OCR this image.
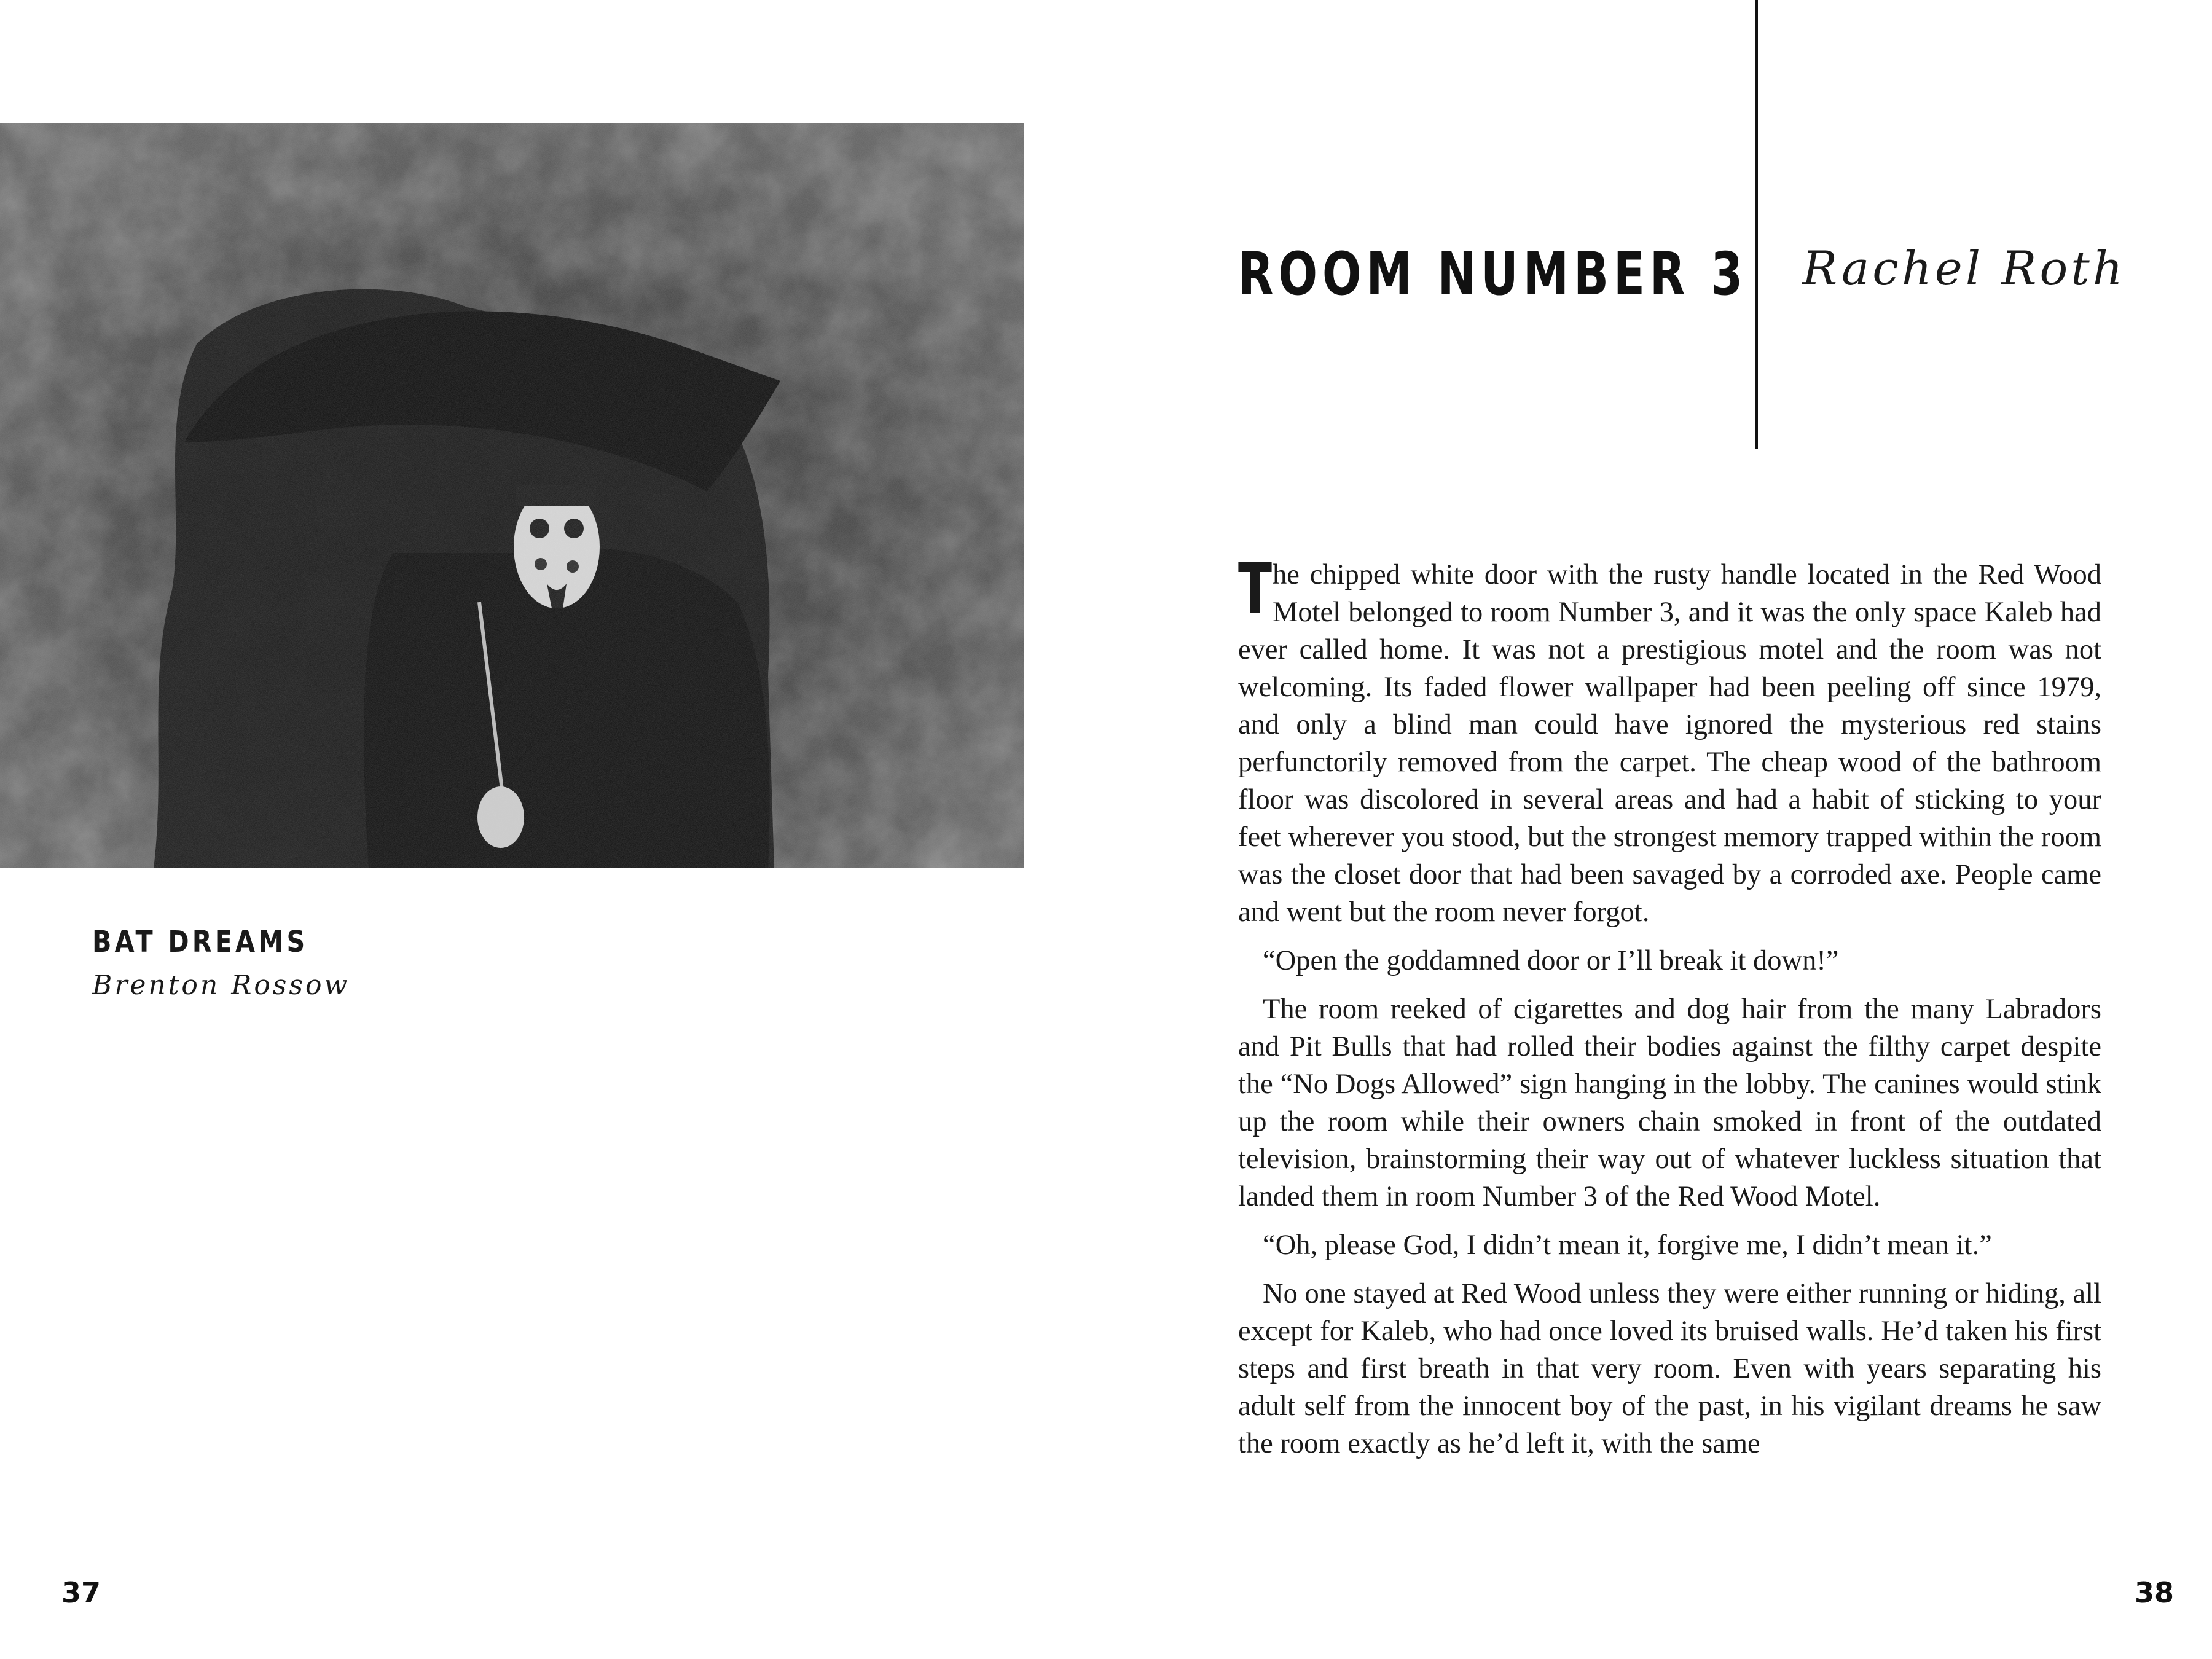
BAT DREAMS
Brenton Rossow
37
ROOM NUMBER 3 Rachel Roth

The chipped white door with the rusty handle located in the Red Wood Motel belonged to room Number 3, and it was the only space Kaleb had ever called home. It was not a prestigious motel and the room was not welcoming. Its faded flower wallpaper had been peeling off since 1979, and only a blind man could have ignored the mysterious red stains perfunctorily removed from the carpet. The cheap wood of the bathroom floor was discolored in several areas and had a habit of sticking to your feet wherever you stood, but the strongest memory trapped within the room was the closet door that had been savaged by a corroded axe. People came and went but the room never forgot.

“Open the goddamned door or I’ll break it down!”

The room reeked of cigarettes and dog hair from the many Labradors and Pit Bulls that had rolled their bodies against the filthy carpet despite the “No Dogs Allowed” sign hanging in the lobby. The canines would stink up the room while their owners chain smoked in front of the outdated television, brainstorming their way out of whatever luckless situation that landed them in room Number 3 of the Red Wood Motel.

“Oh, please God, I didn’t mean it, forgive me, I didn’t mean it.”

No one stayed at Red Wood unless they were either running or hiding, all except for Kaleb, who had once loved its bruised walls. He’d taken his first steps and first breath in that very room. Even with years separating his adult self from the innocent boy of the past, in his vigilant dreams he saw the room exactly as he’d left it, with the same

38
